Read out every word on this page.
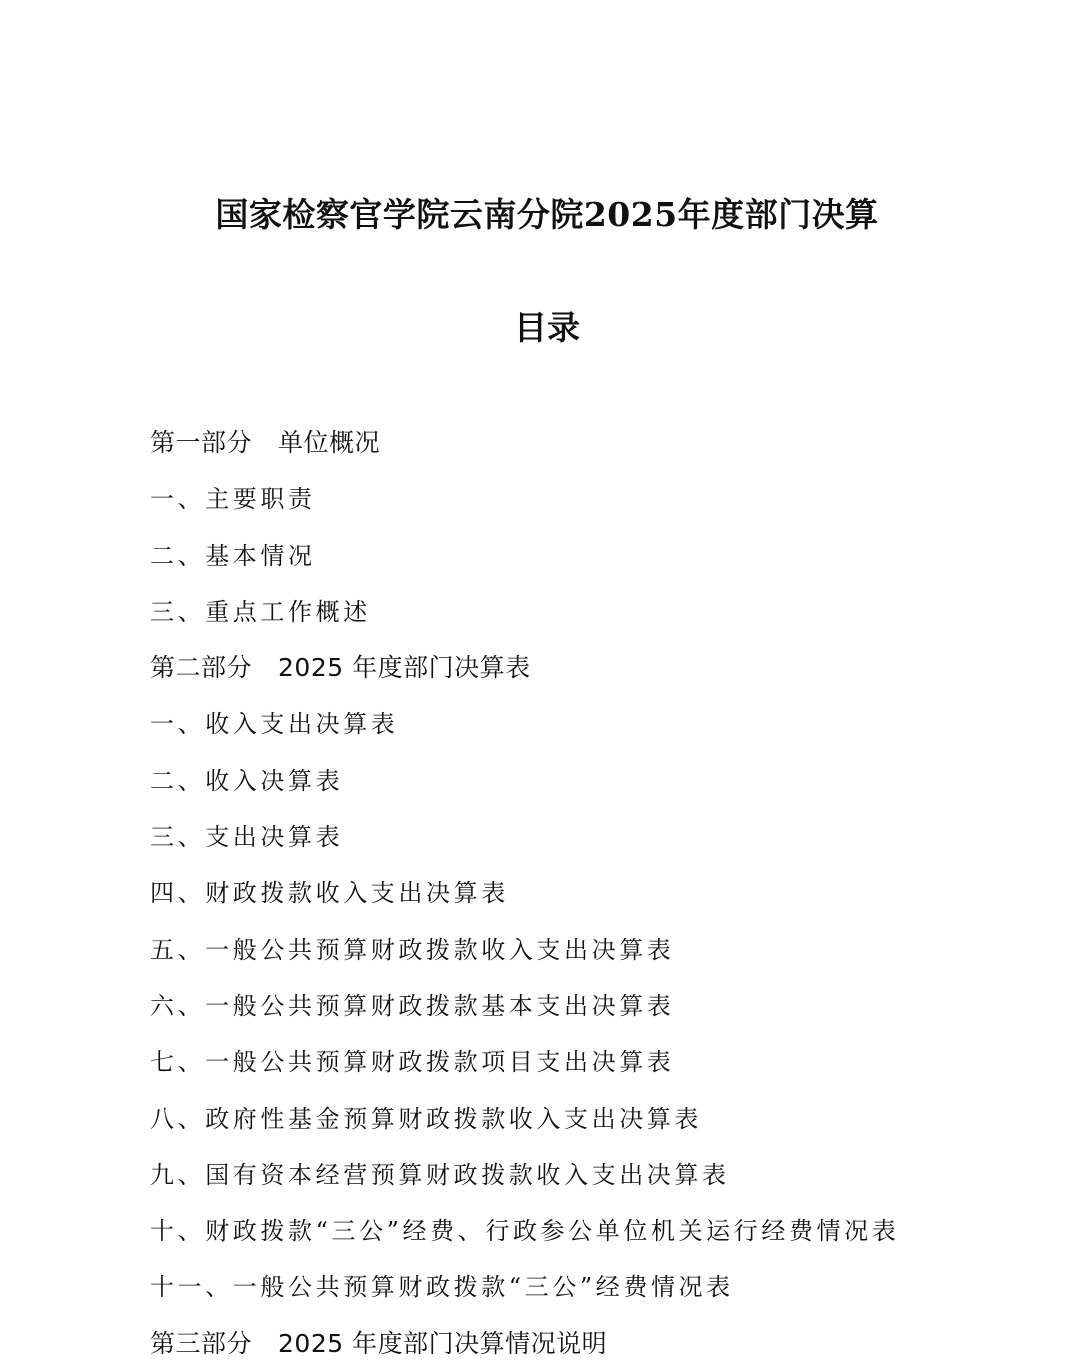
国家检察官学院云南分院2025年度部门决算
目录
第一部分 单位概况
一、主要职责
二、基本情况
三、重点工作概述
第二部分 2025 年度部门决算表
一、收入支出决算表
二、收入决算表
三、支出决算表
四、财政拨款收入支出决算表
五、一般公共预算财政拨款收入支出决算表
六、一般公共预算财政拨款基本支出决算表
七、一般公共预算财政拨款项目支出决算表
八、政府性基金预算财政拨款收入支出决算表
九、国有资本经营预算财政拨款收入支出决算表
十、财政拨款“三公”经费、行政参公单位机关运行经费情况表
十一、一般公共预算财政拨款“三公”经费情况表
第三部分 2025 年度部门决算情况说明
